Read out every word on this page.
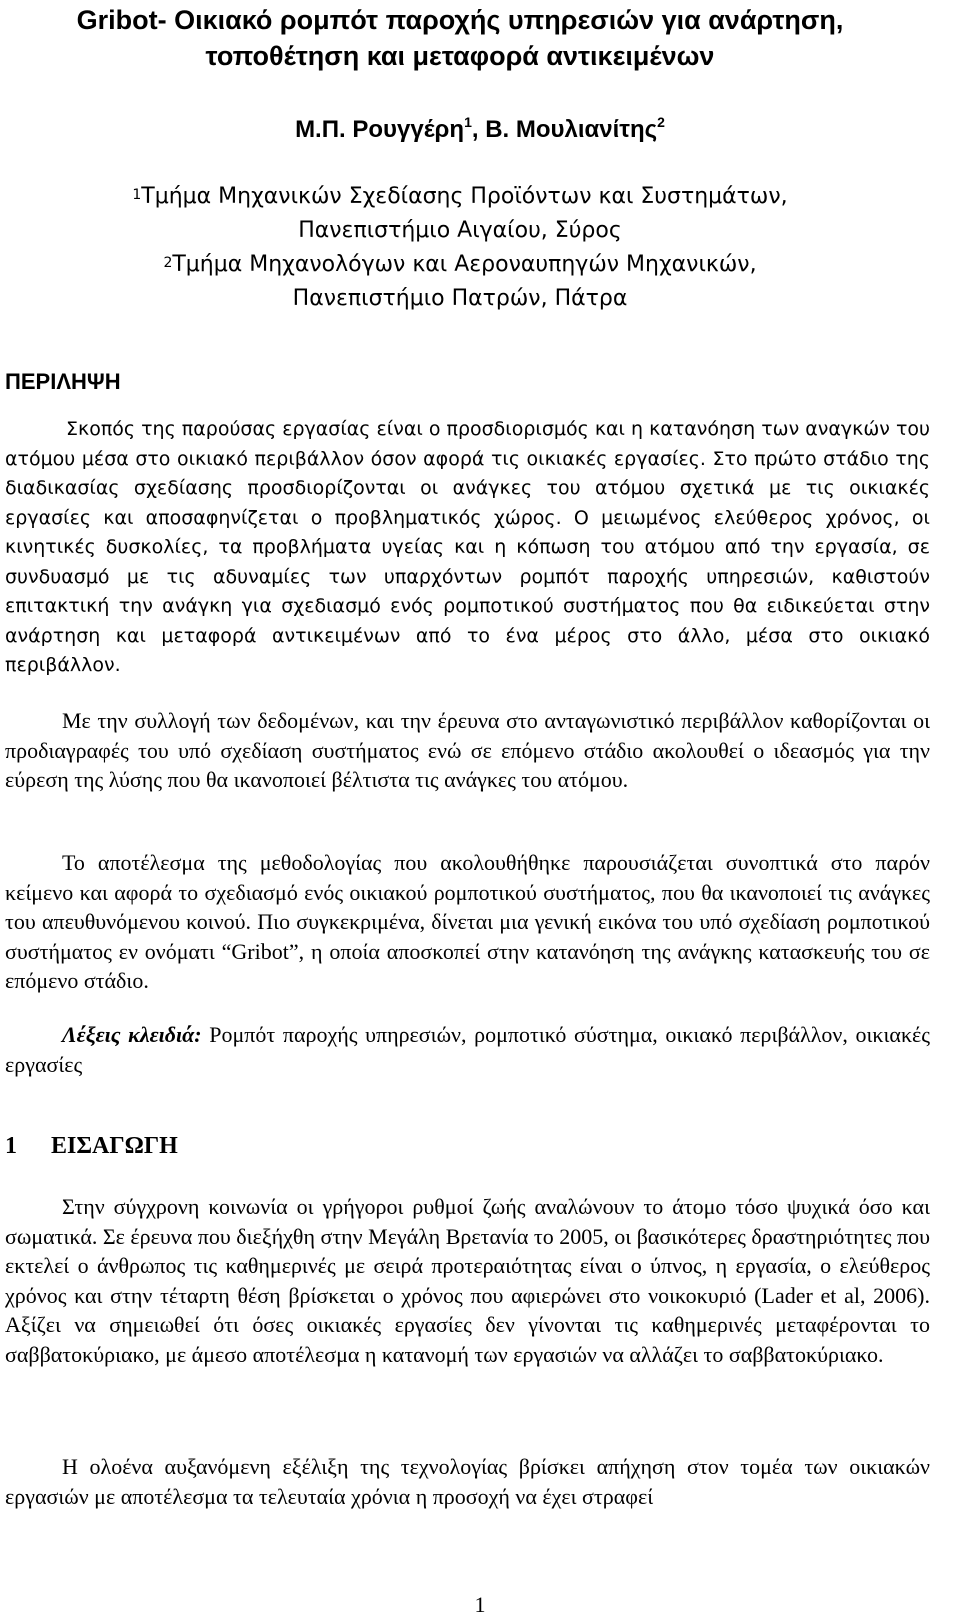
Gribot- Οικιακό ρομπότ παροχής υπηρεσιών για ανάρτηση,
τοποθέτηση και μεταφορά αντικειμένων
Μ.Π. Ρουγγέρη$^1$, Β. Μουλιανίτης$^2$
$^1$Τμήμα Μηχανικών Σχεδίασης Προϊόντων και Συστημάτων,
Πανεπιστήμιο Αιγαίου, Σύρος
$^2$Τμήμα Μηχανολόγων και Αεροναυπηγών Μηχανικών,
Πανεπιστήμιο Πατρών, Πάτρα
ΠΕΡΙΛΗΨΗ

Σκοπός της παρούσας εργασίας είναι ο προσδιορισμός και η κατανόηση των αναγκών του ατόμου μέσα στο οικιακό περιβάλλον όσον αφορά τις οικιακές εργασίες. Στο πρώτο στάδιο της διαδικασίας σχεδίασης προσδιορίζονται οι ανάγκες του ατόμου σχετικά με τις οικιακές εργασίες και αποσαφηνίζεται ο προβληματικός χώρος. Ο μειωμένος ελεύθερος χρόνος, οι κινητικές δυσκολίες, τα προβλήματα υγείας και η κόπωση του ατόμου από την εργασία, σε συνδυασμό με τις αδυναμίες των υπαρχόντων ρομπότ παροχής υπηρεσιών, καθιστούν επιτακτική την ανάγκη για σχεδιασμό ενός ρομποτικού συστήματος που θα ειδικεύεται στην ανάρτηση και μεταφορά αντικειμένων από το ένα μέρος στο άλλο, μέσα στο οικιακό περιβάλλον.

Με την συλλογή των δεδομένων, και την έρευνα στο ανταγωνιστικό περιβάλλον καθορίζονται οι προδιαγραφές του υπό σχεδίαση συστήματος ενώ σε επόμενο στάδιο ακολουθεί ο ιδεασμός για την εύρεση της λύσης που θα ικανοποιεί βέλτιστα τις ανάγκες του ατόμου.

Το αποτέλεσμα της μεθοδολογίας που ακολουθήθηκε παρουσιάζεται συνοπτικά στο παρόν κείμενο και αφορά το σχεδιασμό ενός οικιακού ρομποτικού συστήματος, που θα ικανοποιεί τις ανάγκες του απευθυνόμενου κοινού. Πιο συγκεκριμένα, δίνεται μια γενική εικόνα του υπό σχεδίαση ρομποτικού συστήματος εν ονόματι “Gribot”, η οποία αποσκοπεί στην κατανόηση της ανάγκης κατασκευής του σε επόμενο στάδιο.

Λέξεις κλειδιά: Ρομπότ παροχής υπηρεσιών, ρομποτικό σύστημα, οικιακό περιβάλλον, οικιακές εργασίες

1 ΕΙΣΑΓΩΓΗ

Στην σύγχρονη κοινωνία οι γρήγοροι ρυθμοί ζωής αναλώνουν το άτομο τόσο ψυχικά όσο και σωματικά. Σε έρευνα που διεξήχθη στην Μεγάλη Βρετανία το 2005, οι βασικότερες δραστηριότητες που εκτελεί ο άνθρωπος τις καθημερινές με σειρά προτεραιότητας είναι ο ύπνος, η εργασία, ο ελεύθερος χρόνος και στην τέταρτη θέση βρίσκεται ο χρόνος που αφιερώνει στο νοικοκυριό (Lader et al, 2006). Αξίζει να σημειωθεί ότι όσες οικιακές εργασίες δεν γίνονται τις καθημερινές μεταφέρονται το σαββατοκύριακο, με άμεσο αποτέλεσμα η κατανομή των εργασιών να αλλάζει το σαββατοκύριακο.

Η ολοένα αυξανόμενη εξέλιξη της τεχνολογίας βρίσκει απήχηση στον τομέα των οικιακών εργασιών με αποτέλεσμα τα τελευταία χρόνια η προσοχή να έχει στραφεί

1
